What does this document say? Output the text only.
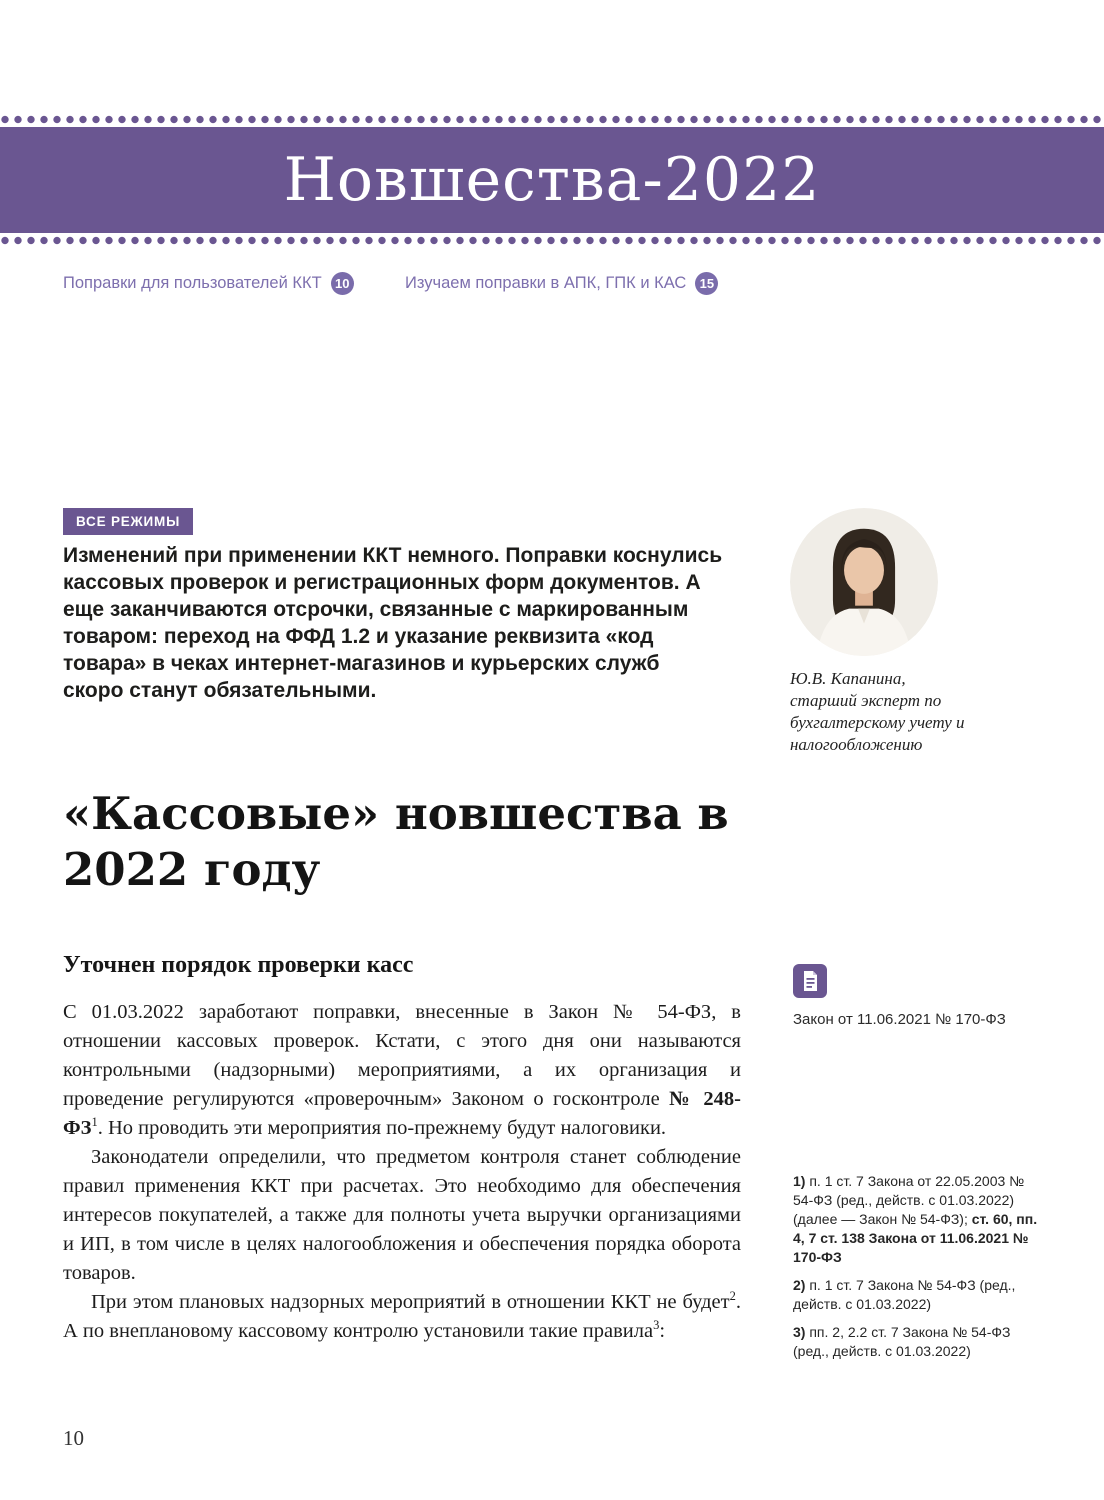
Новшества-2022
Поправки для пользователей ККТ	10	Изучаем поправки в АПК, ГПК и КАС	15
ВСЕ РЕЖИМЫ
Изменений при применении ККТ немного. Поправки коснулись кассовых проверок и регистрационных форм документов. А еще заканчиваются отсрочки, связанные с маркированным товаром: переход на ФФД 1.2 и указание реквизита «код товара» в чеках интернет-магазинов и курьерских служб скоро станут обязательными.
Ю.В. Капанина,
старший эксперт по бухгалтерскому учету и налогообложению
«Кассовые» новшества в 2022 году
Уточнен порядок проверки касс

С 01.03.2022 заработают поправки, внесенные в Закон № 54-ФЗ, в отношении кассовых проверок. Кстати, с этого дня они называются контрольными (надзорными) мероприятиями, а их организация и проведение регулируются «проверочным» Законом о госконтроле № $248-ФЗ^1$. Но проводить эти мероприятия по-прежнему будут налоговики.

Законодатели определили, что предметом контроля станет соблюдение правил применения ККТ при расчетах. Это необходимо для обеспечения интересов покупателей, а также для полноты учета выручки организациями и ИП, в том числе в целях налогообложения и обеспечения порядка оборота товаров.

При этом плановых надзорных мероприятий в отношении ККТ не будет$^2$. А по внеплановому кассовому контролю установили такие правила$^3$:

Закон от 11.06.2021 № 170-ФЗ

1) п. 1 ст. 7 Закона от 22.05.2003 № 54-ФЗ (ред., действ. с 01.03.2022) (далее — Закон № 54-ФЗ); ст. 60, пп. 4, 7 ст. 138 Закона от 11.06.2021 № 170-ФЗ

2) п. 1 ст. 7 Закона № 54-ФЗ (ред., действ. с 01.03.2022)

3) пп. 2, 2.2 ст. 7 Закона № 54-ФЗ (ред., действ. с 01.03.2022)

10
